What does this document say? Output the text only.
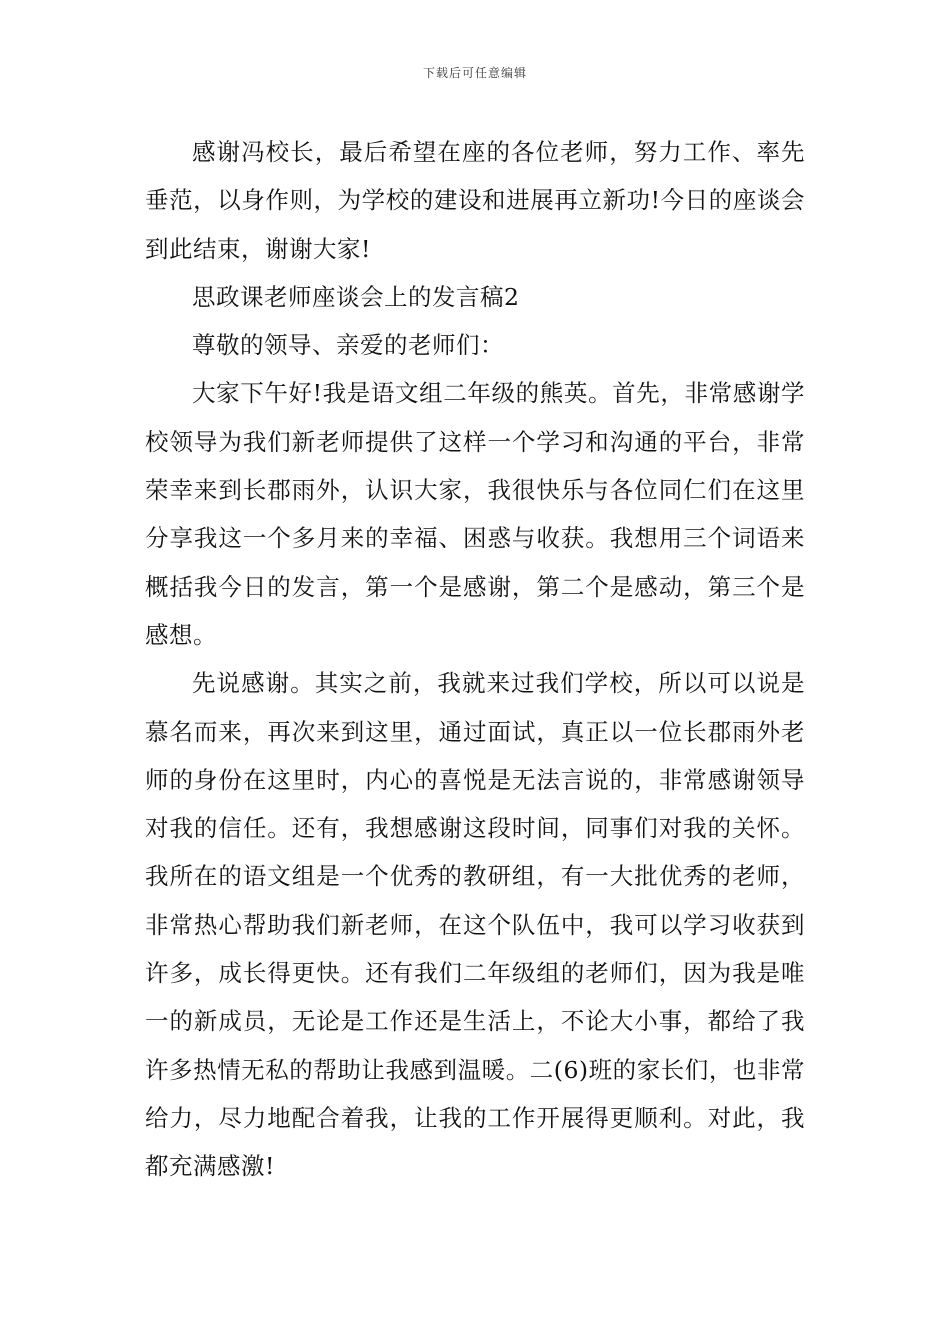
下载后可任意编辑

感谢冯校长，最后希望在座的各位老师，努力工作、率先垂范，以身作则，为学校的建设和进展再立新功!今日的座谈会到此结束，谢谢大家!

思政课老师座谈会上的发言稿2

尊敬的领导、亲爱的老师们：

大家下午好!我是语文组二年级的熊英。首先，非常感谢学校领导为我们新老师提供了这样一个学习和沟通的平台，非常荣幸来到长郡雨外，认识大家，我很快乐与各位同仁们在这里分享我这一个多月来的幸福、困惑与收获。我想用三个词语来概括我今日的发言，第一个是感谢，第二个是感动，第三个是感想。

先说感谢。其实之前，我就来过我们学校，所以可以说是慕名而来，再次来到这里，通过面试，真正以一位长郡雨外老师的身份在这里时，内心的喜悦是无法言说的，非常感谢领导对我的信任。还有，我想感谢这段时间，同事们对我的关怀。我所在的语文组是一个优秀的教研组，有一大批优秀的老师，非常热心帮助我们新老师，在这个队伍中，我可以学习收获到许多，成长得更快。还有我们二年级组的老师们，因为我是唯一的新成员，无论是工作还是生活上，不论大小事，都给了我许多热情无私的帮助让我感到温暖。二(6)班的家长们，也非常给力，尽力地配合着我，让我的工作开展得更顺利。对此，我都充满感激!
